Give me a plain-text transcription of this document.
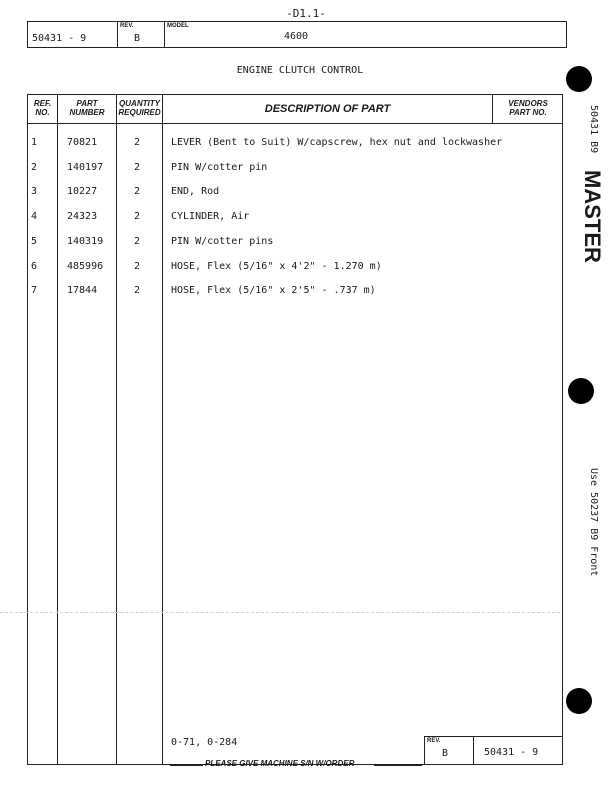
-D1.1-
50431 - 9
REV.
B
MODEL
4600
ENGINE CLUTCH CONTROL
REF. NO.
PART NUMBER
QUANTITY REQUIRED	DESCRIPTION OF PART	VENDORS PART NO.
1	70821	2	LEVER (Bent to Suit) W/capscrew, hex nut and lockwasher
2	140197	2	PIN W/cotter pin
3	10227	2	END, Rod
4	24323	2	CYLINDER, Air
5	140319	2	PIN W/cotter pins
6	485996	2	HOSE, Flex (5/16" x 4'2" - 1.270 m)
7	17844	2	HOSE, Flex (5/16" x 2'5" - .737 m)
0-71, 0-284	REV.
B	50431 - 9
PLEASE GIVE MACHINE S/N W/ORDER
50431 B9
MASTER
Use 50237 B9 Front
